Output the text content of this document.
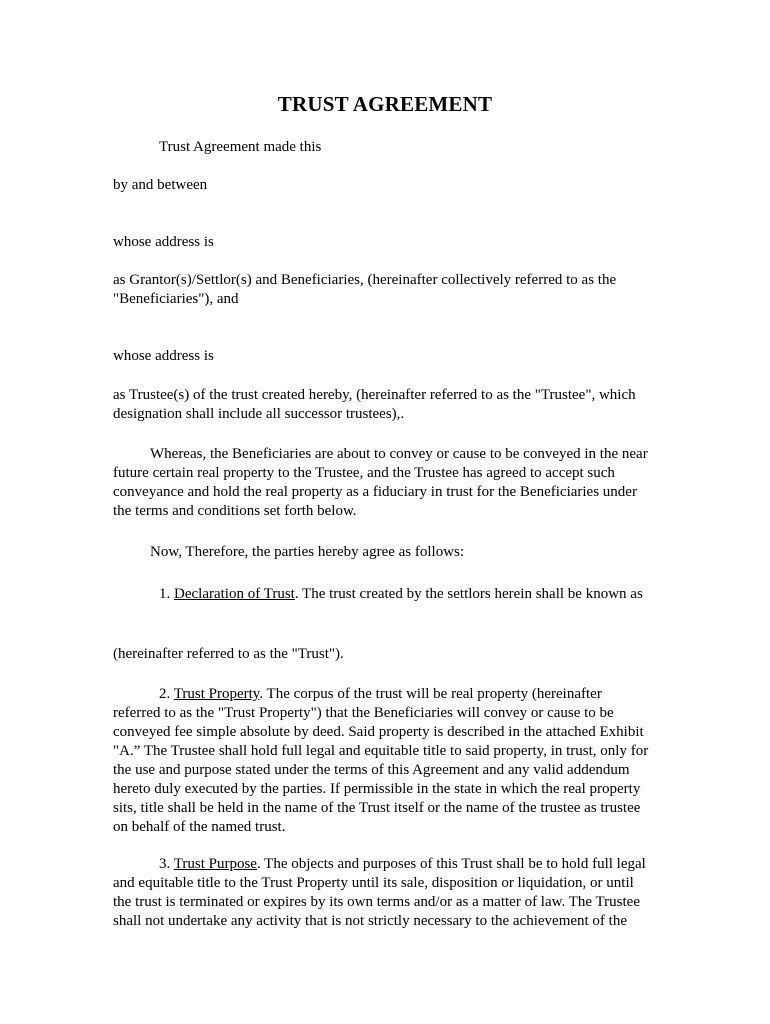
TRUST AGREEMENT
Trust Agreement made this
by and between
whose address is
as Grantor(s)/Settlor(s) and Beneficiaries, (hereinafter collectively referred to as the
"Beneficiaries"), and
whose address is
as Trustee(s) of the trust created hereby, (hereinafter referred to as the "Trustee", which
designation shall include all successor trustees),.
Whereas, the Beneficiaries are about to convey or cause to be conveyed in the near
future certain real property to the Trustee, and the Trustee has agreed to accept such
conveyance and hold the real property as a fiduciary in trust for the Beneficiaries under
the terms and conditions set forth below.
Now, Therefore, the parties hereby agree as follows:
1. Declaration of Trust. The trust created by the settlors herein shall be known as
(hereinafter referred to as the "Trust").
2. Trust Property. The corpus of the trust will be real property (hereinafter
referred to as the "Trust Property") that the Beneficiaries will convey or cause to be
conveyed fee simple absolute by deed. Said property is described in the attached Exhibit
"A.” The Trustee shall hold full legal and equitable title to said property, in trust, only for
the use and purpose stated under the terms of this Agreement and any valid addendum
hereto duly executed by the parties. If permissible in the state in which the real property
sits, title shall be held in the name of the Trust itself or the name of the trustee as trustee
on behalf of the named trust.
3. Trust Purpose. The objects and purposes of this Trust shall be to hold full legal
and equitable title to the Trust Property until its sale, disposition or liquidation, or until
the trust is terminated or expires by its own terms and/or as a matter of law. The Trustee
shall not undertake any activity that is not strictly necessary to the achievement of the
